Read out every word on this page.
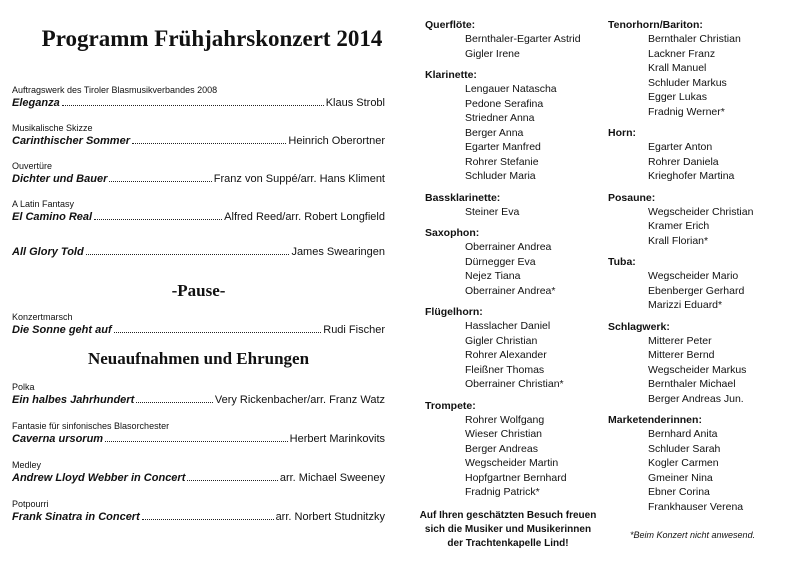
Programm Frühjahrskonzert 2014
Auftragswerk des Tiroler Blasmusikverbandes 2008
Eleganza	Klaus Strobl
Musikalische Skizze
Carinthischer Sommer	Heinrich Oberortner
Ouvertüre
Dichter und Bauer	Franz von Suppé/arr. Hans Kliment
A Latin Fantasy
El Camino Real	Alfred Reed/arr. Robert Longfield
All Glory Told	James Swearingen
-Pause-
Konzertmarsch
Die Sonne geht auf	Rudi Fischer
Neuaufnahmen und Ehrungen
Polka
Ein halbes Jahrhundert	Very Rickenbacher/arr. Franz Watz
Fantasie für sinfonisches Blasorchester
Caverna ursorum	Herbert Marinkovits
Medley
Andrew Lloyd Webber in Concert	arr. Michael Sweeney
Potpourri
Frank Sinatra in Concert	arr. Norbert Studnitzky
Querflöte:
Bernthaler-Egarter Astrid
Gigler Irene
Klarinette:
Lengauer Natascha
Pedone Serafina
Striedner Anna
Berger Anna
Egarter Manfred
Rohrer Stefanie
Schluder Maria
Bassklarinette:
Steiner Eva
Saxophon:
Oberrainer Andrea
Dürnegger Eva
Nejez Tiana
Oberrainer Andrea*
Flügelhorn:
Hasslacher Daniel
Gigler Christian
Rohrer Alexander
Fleißner Thomas
Oberrainer Christian*
Trompete:
Rohrer Wolfgang
Wieser Christian
Berger Andreas
Wegscheider Martin
Hopfgartner Bernhard
Fradnig Patrick*
Tenorhorn/Bariton:
Bernthaler Christian
Lackner Franz
Krall Manuel
Schluder Markus
Egger Lukas
Fradnig Werner*
Horn:
Egarter Anton
Rohrer Daniela
Krieghofer Martina
Posaune:
Wegscheider Christian
Kramer Erich
Krall Florian*
Tuba:
Wegscheider Mario
Ebenberger Gerhard
Marizzi Eduard*
Schlagwerk:
Mitterer Peter
Mitterer Bernd
Wegscheider Markus
Bernthaler Michael
Berger Andreas Jun.
Marketenderinnen:
Bernhard Anita
Schluder Sarah
Kogler Carmen
Gmeiner Nina
Ebner Corina
Frankhauser Verena
Auf Ihren geschätzten Besuch freuen
sich die Musiker und Musikerinnen
der Trachtenkapelle Lind!
*Beim Konzert nicht anwesend.
